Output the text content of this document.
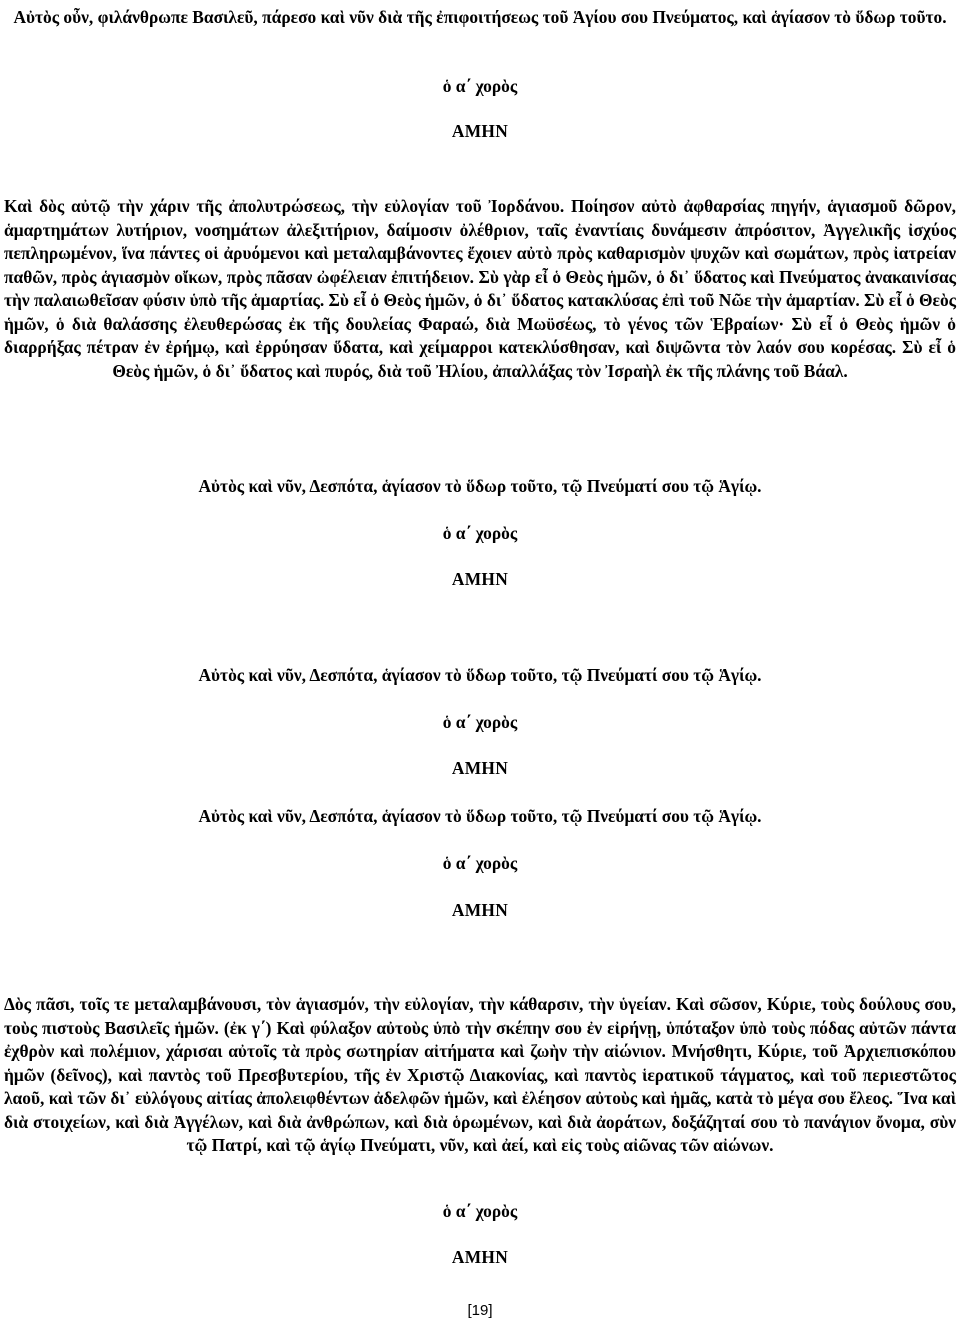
Αὐτὸς οὖν, φιλάνθρωπε Βασιλεῦ, πάρεσο καὶ νῦν διὰ τῆς ἐπιφοιτήσεως τοῦ Ἁγίου σου Πνεύματος, καὶ ἁγίασον τὸ ὕδωρ τοῦτο.

ὁ α΄ χορὸς

ΑΜΗΝ

Καὶ δὸς αὐτῷ τὴν χάριν τῆς ἀπολυτρώσεως, τὴν εὐλογίαν τοῦ Ἰορδάνου. Ποίησον αὐτὸ ἀφθαρσίας πηγήν, ἁγιασμοῦ δῶρον, ἁμαρτημάτων λυτήριον, νοσημάτων ἀλεξιτήριον, δαίμοσιν ὀλέθριον, ταῖς ἐναντίαις δυνάμεσιν ἀπρόσιτον, Ἀγγελικῆς ἰσχύος πεπληρωμένον, ἵνα πάντες οἱ ἀρυόμενοι καὶ μεταλαμβάνοντες ἔχοιεν αὐτὸ πρὸς καθαρισμὸν ψυχῶν καὶ σωμάτων, πρὸς ἰατρείαν παθῶν, πρὸς ἁγιασμὸν οἴκων, πρὸς πᾶσαν ὠφέλειαν ἐπιτήδειον. Σὺ γὰρ εἶ ὁ Θεὸς ἡμῶν, ὁ δι᾽ ὕδατος καὶ Πνεύματος ἀνακαινίσας τὴν παλαιωθεῖσαν φύσιν ὑπὸ τῆς ἁμαρτίας. Σὺ εἶ ὁ Θεὸς ἡμῶν, ὁ δι᾽ ὕδατος κατακλύσας ἐπὶ τοῦ Νῶε τὴν ἁμαρτίαν. Σὺ εἶ ὁ Θεὸς ἡμῶν, ὁ διὰ θαλάσσης ἐλευθερώσας ἐκ τῆς δουλείας Φαραώ, διὰ Μωϋσέως, τὸ γένος τῶν Ἑβραίων· Σὺ εἶ ὁ Θεὸς ἡμῶν ὁ διαρρήξας πέτραν ἐν ἐρήμῳ, καὶ ἐρρύησαν ὕδατα, καὶ χείμαρροι κατεκλύσθησαν, καὶ διψῶντα τὸν λαόν σου κορέσας. Σὺ εἶ ὁ Θεὸς ἡμῶν, ὁ δι᾽ ὕδατος καὶ πυρός, διὰ τοῦ Ἠλίου, ἀπαλλάξας τὸν Ἰσραὴλ ἐκ τῆς πλάνης τοῦ Βάαλ.

Αὐτὸς καὶ νῦν, Δεσπότα, ἁγίασον τὸ ὕδωρ τοῦτο, τῷ Πνεύματί σου τῷ Ἁγίῳ.

ὁ α΄ χορὸς

ΑΜΗΝ

Αὐτὸς καὶ νῦν, Δεσπότα, ἁγίασον τὸ ὕδωρ τοῦτο, τῷ Πνεύματί σου τῷ Ἁγίῳ.

ὁ α΄ χορὸς

ΑΜΗΝ

Αὐτὸς καὶ νῦν, Δεσπότα, ἁγίασον τὸ ὕδωρ τοῦτο, τῷ Πνεύματί σου τῷ Ἁγίῳ.

ὁ α΄ χορὸς

ΑΜΗΝ

Δὸς πᾶσι, τοῖς τε μεταλαμβάνουσι, τὸν ἁγιασμόν, τὴν εὐλογίαν, τὴν κάθαρσιν, τὴν ὑγείαν. Καὶ σῶσον, Κύριε, τοὺς δούλους σου, τοὺς πιστοὺς Βασιλεῖς ἡμῶν. (ἐκ γ΄) Καὶ φύλαξον αὐτοὺς ὑπὸ τὴν σκέπην σου ἐν εἰρήνῃ, ὑπόταξον ὑπὸ τοὺς πόδας αὐτῶν πάντα ἐχθρὸν καὶ πολέμιον, χάρισαι αὐτοῖς τὰ πρὸς σωτηρίαν αἰτήματα καὶ ζωὴν τὴν αἰώνιον. Μνήσθητι, Κύριε, τοῦ Ἀρχιεπισκόπου ἡμῶν (δεῖνος), καὶ παντὸς τοῦ Πρεσβυτερίου, τῆς ἐν Χριστῷ Διακονίας, καὶ παντὸς ἱερατικοῦ τάγματος, καὶ τοῦ περιεστῶτος λαοῦ, καὶ τῶν δι᾽ εὐλόγους αἰτίας ἀπολειφθέντων ἀδελφῶν ἡμῶν, καὶ ἐλέησον αὐτοὺς καὶ ἡμᾶς, κατὰ τὸ μέγα σου ἔλεος. Ἵνα καὶ διὰ στοιχείων, καὶ διὰ Ἀγγέλων, καὶ διὰ ἀνθρώπων, καὶ διὰ ὁρωμένων, καὶ διὰ ἀοράτων, δοξάζηταί σου τὸ πανάγιον ὄνομα, σὺν τῷ Πατρί, καὶ τῷ ἁγίῳ Πνεύματι, νῦν, καὶ ἀεί, καὶ εἰς τοὺς αἰῶνας τῶν αἰώνων.

ὁ α΄ χορὸς

ΑΜΗΝ

[19]
